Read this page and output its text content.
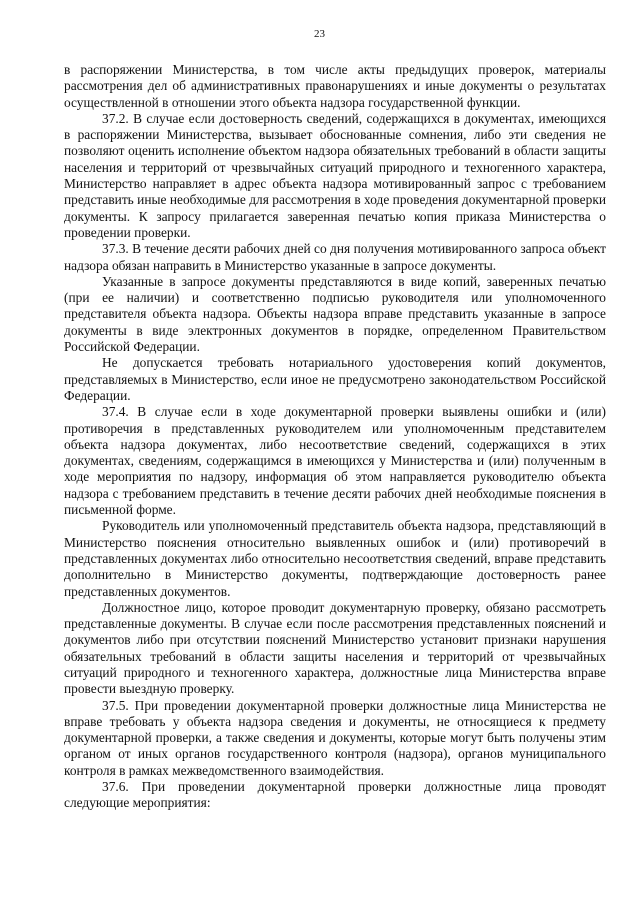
23

в распоряжении Министерства, в том числе акты предыдущих проверок, материалы рассмотрения дел об административных правонарушениях и иные документы о результатах осуществленной в отношении этого объекта надзора государственной функции.

37.2. В случае если достоверность сведений, содержащихся в документах, имеющихся в распоряжении Министерства, вызывает обоснованные сомнения, либо эти сведения не позволяют оценить исполнение объектом надзора обязательных требований в области защиты населения и территорий от чрезвычайных ситуаций природного и техногенного характера, Министерство направляет в адрес объекта надзора мотивированный запрос с требованием представить иные необходимые для рассмотрения в ходе проведения документарной проверки документы. К запросу прилагается заверенная печатью копия приказа Министерства о проведении проверки.

37.3. В течение десяти рабочих дней со дня получения мотивированного запроса объект надзора обязан направить в Министерство указанные в запросе документы.

Указанные в запросе документы представляются в виде копий, заверенных печатью (при ее наличии) и соответственно подписью руководителя или уполномоченного представителя объекта надзора. Объекты надзора вправе представить указанные в запросе документы в виде электронных документов в порядке, определенном Правительством Российской Федерации.

Не допускается требовать нотариального удостоверения копий документов, представляемых в Министерство, если иное не предусмотрено законодательством Российской Федерации.

37.4. В случае если в ходе документарной проверки выявлены ошибки и (или) противоречия в представленных руководителем или уполномоченным представителем объекта надзора документах, либо несоответствие сведений, содержащихся в этих документах, сведениям, содержащимся в имеющихся у Министерства и (или) полученным в ходе мероприятия по надзору, информация об этом направляется руководителю объекта надзора с требованием представить в течение десяти рабочих дней необходимые пояснения в письменной форме.

Руководитель или уполномоченный представитель объекта надзора, представляющий в Министерство пояснения относительно выявленных ошибок и (или) противоречий в представленных документах либо относительно несоответствия сведений, вправе представить дополнительно в Министерство документы, подтверждающие достоверность ранее представленных документов.

Должностное лицо, которое проводит документарную проверку, обязано рассмотреть представленные документы. В случае если после рассмотрения представленных пояснений и документов либо при отсутствии пояснений Министерство установит признаки нарушения обязательных требований в области защиты населения и территорий от чрезвычайных ситуаций природного и техногенного характера, должностные лица Министерства вправе провести выездную проверку.

37.5. При проведении документарной проверки должностные лица Министерства не вправе требовать у объекта надзора сведения и документы, не относящиеся к предмету документарной проверки, а также сведения и документы, которые могут быть получены этим органом от иных органов государственного контроля (надзора), органов муниципального контроля в рамках межведомственного взаимодействия.

37.6. При проведении документарной проверки должностные лица проводят следующие мероприятия:
